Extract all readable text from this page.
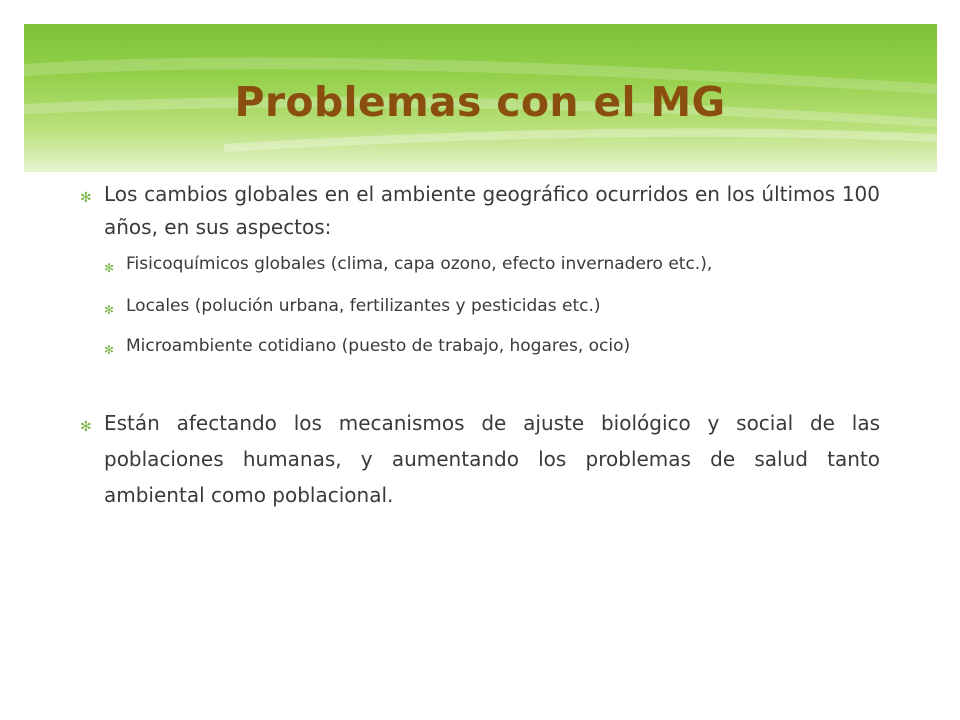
Problemas con el MG
✻ Los cambios globales en el ambiente geográfico ocurridos en los últimos 100 años, en sus aspectos:
✻ Fisicoquímicos globales (clima, capa ozono, efecto invernadero etc.),
✻ Locales (polución urbana, fertilizantes y pesticidas etc.)
✻ Microambiente cotidiano (puesto de trabajo, hogares, ocio)
✻ Están afectando los mecanismos de ajuste biológico y social de las poblaciones humanas, y aumentando los problemas de salud tanto ambiental como poblacional.
